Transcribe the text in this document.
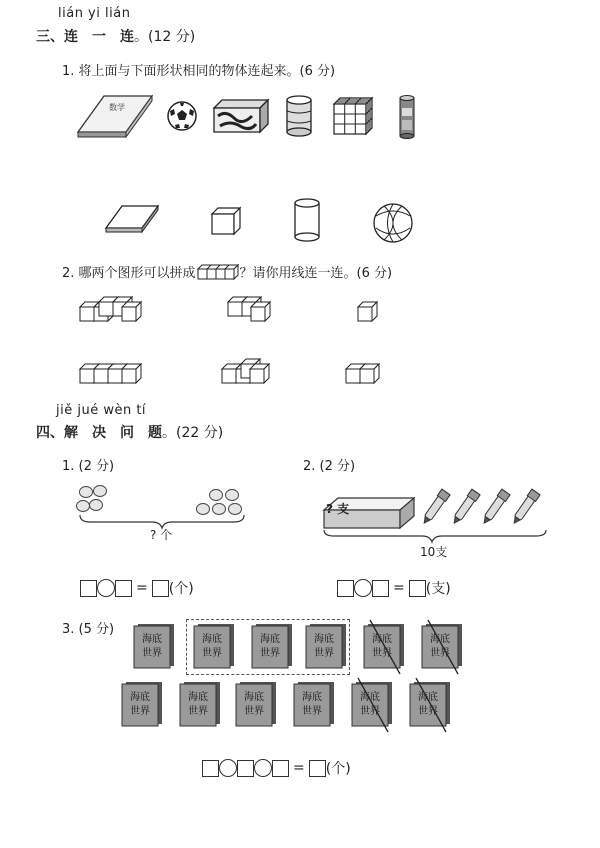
lián yi lián
三、连　一　连。(12 分)
1. 将上面与下面形状相同的物体连起来。(6 分)
数学
2. 哪两个图形可以拼成	？请你用线连一连。(6 分)
jiě jué wèn tí
四、解　决　问　题。(22 分)
1. (2 分)
? 个
= (个)
2. (2 分)
? 支
10支
= (支)
3. (5 分)
海底
世界
海底
世界
海底
世界
海底
世界
海底
世界
海底
世界
海底
世界
海底
世界
海底
世界
海底
世界
海底
世界
海底
世界
= (个)
